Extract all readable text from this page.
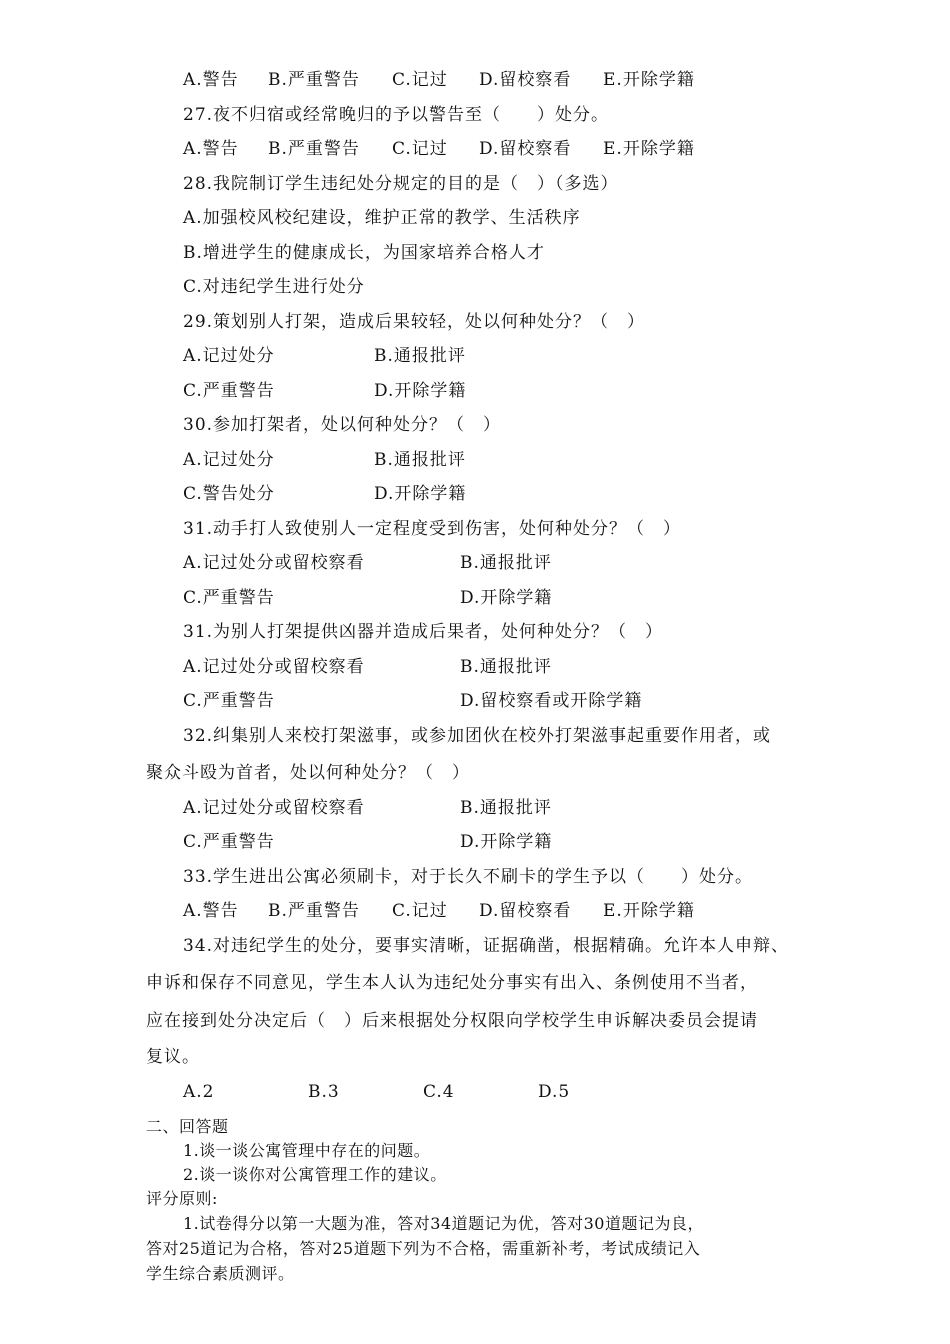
A.警告 B.严重警告 C.记过 D.留校察看 E.开除学籍
27.夜不归宿或经常晚归的予以警告至（　　）处分。
A.警告 B.严重警告 C.记过 D.留校察看 E.开除学籍
28.我院制订学生违纪处分规定的目的是（　）（多选）
A.加强校风校纪建设，维护正常的教学、生活秩序
B.增进学生的健康成长，为国家培养合格人才
C.对违纪学生进行处分
29.策划别人打架，造成后果较轻，处以何种处分？（　）
A.记过处分	B.通报批评
C.严重警告	D.开除学籍
30.参加打架者，处以何种处分？（　）
A.记过处分	B.通报批评
C.警告处分	D.开除学籍
31.动手打人致使别人一定程度受到伤害，处何种处分？（　）
A.记过处分或留校察看	B.通报批评
C.严重警告	D.开除学籍
31.为别人打架提供凶器并造成后果者，处何种处分？（　）
A.记过处分或留校察看	B.通报批评
C.严重警告	D.留校察看或开除学籍
32.纠集别人来校打架滋事，或参加团伙在校外打架滋事起重要作用者，或
聚众斗殴为首者，处以何种处分？（　）
A.记过处分或留校察看	B.通报批评
C.严重警告	D.开除学籍
33.学生进出公寓必须刷卡，对于长久不刷卡的学生予以（　　）处分。
A.警告 B.严重警告 C.记过 D.留校察看 E.开除学籍
34.对违纪学生的处分，要事实清晰，证据确凿，根据精确。允许本人申辩、
申诉和保存不同意见，学生本人认为违纪处分事实有出入、条例使用不当者，
应在接到处分决定后（　）后来根据处分权限向学校学生申诉解决委员会提请
复议。
A.2	B.3	C.4	D.5
二、回答题
1.谈一谈公寓管理中存在的问题。
2.谈一谈你对公寓管理工作的建议。
评分原则:
1.试卷得分以第一大题为准，答对34道题记为优，答对30道题记为良，
答对25道记为合格，答对25道题下列为不合格，需重新补考，考试成绩记入
学生综合素质测评。
